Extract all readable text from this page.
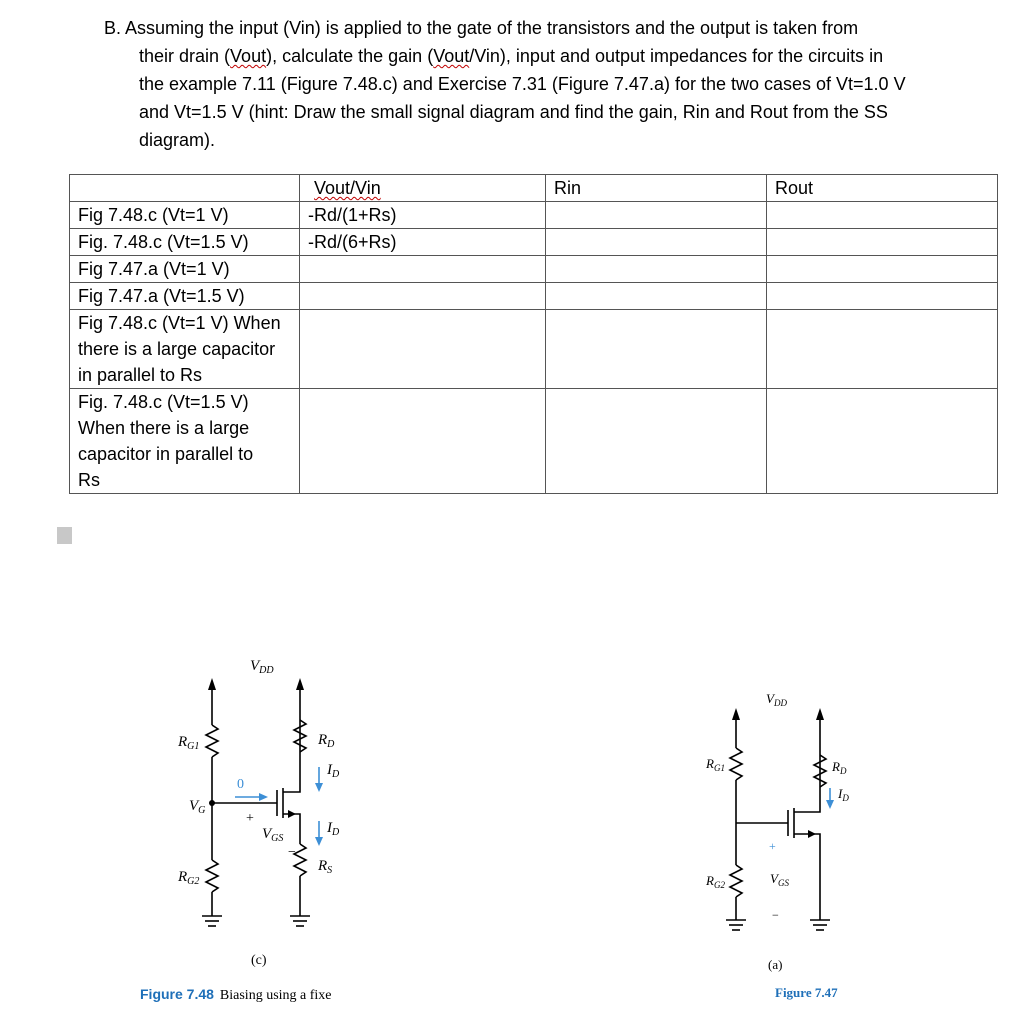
B. Assuming the input (Vin) is applied to the gate of the transistors and the output is taken from
their drain (Vout), calculate the gain (Vout/Vin), input and output impedances for the circuits in
the example 7.11 (Figure 7.48.c) and Exercise 7.31 (Figure 7.47.a) for the two cases of Vt=1.0 V
and Vt=1.5 V (hint: Draw the small signal diagram and find the gain, Rin and Rout from the SS
diagram).
	Vout/Vin	Rin	Rout
Fig 7.48.c (Vt=1 V)	-Rd/(1+Rs)		
Fig. 7.48.c (Vt=1.5 V)	-Rd/(6+Rs)		
Fig 7.47.a (Vt=1 V)			
Fig 7.47.a (Vt=1.5 V)			

Fig 7.48.c (Vt=1 V) When
there is a large capacitor
in parallel to Rs			

Fig. 7.48.c (Vt=1.5 V)
When there is a large
capacitor in parallel to
Rs			

$V_{DD}$
$R_{G1}$
$R_{G2}$
$V_G$
$R_D$
$R_S$
$I_D$
$I_D$
$V_{GS}$
0
+
−
(c)
Figure 7.48 Biasing using a fixe
$V_{DD}$
$R_{G1}$
$R_{G2}$
$R_D$
$I_D$
$V_{GS}$
+
−
(a)
Figure 7.47
